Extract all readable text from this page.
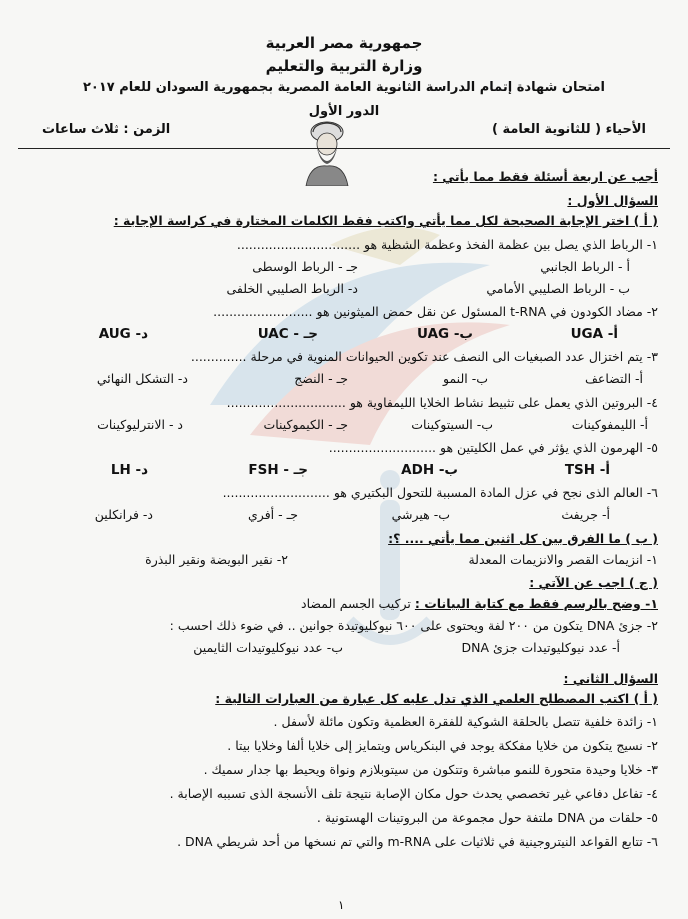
جمهورية مصر العربية
وزارة التربية والتعليم
امتحان شهادة إتمام الدراسة الثانوية العامة المصرية بجمهورية السودان للعام ٢٠١٧
الدور الأول
الأحياء ( للثانوية العامة )
الزمن : ثلاث ساعات
أجب عن اربعة أسئلة فقط مما يأتي :
السؤال الأول :
( أ ) اختر الإجابة الصحيحة لكل مما يأتي واكتب فقط الكلمات المختارة في كراسة الإجابة :
١- الرباط الذي يصل بين عظمة الفخذ وعظمة الشظية هو ...............................
أ - الرباط الجانبي
جـ - الرباط الوسطى
ب - الرباط الصليبي الأمامي
د- الرباط الصليبي الخلفى
٢- مضاد الكودون في t-RNA المسئول عن نقل حمض الميثونين هو .........................
أ- UGA
ب- UAG
جـ - UAC
د- AUG
٣- يتم اختزال عدد الصبغيات الى النصف عند تكوين الحيوانات المنوية في مرحلة ..............
أ- التضاعف
ب- النمو
جـ - النضج
د- التشكل النهائي
٤- البروتين الذي يعمل على تثبيط نشاط الخلايا الليمفاوية هو ..............................
أ- الليمفوكينات
ب- السيتوكينات
جـ - الكيموكينات
د - الانترليوكينات
٥- الهرمون الذي يؤثر في عمل الكليتين هو ...........................
أ- TSH
ب- ADH
جـ - FSH
د- LH
٦- العالم الذى نجح في عزل المادة المسببة للتحول البكتيري هو ...........................
أ- جريفث
ب- هيرشي
جـ - أفري
د- فرانكلين
( ب ) ما الفرق بين كل اثنين مما يأتي .... ؟:
١- انزيمات القصر والانزيمات المعدلة
٢- نقير البويضة ونقير البذرة
( ج ) اجب عن الآتي :
١- وضح بالرسم فقط مع كتابة البيانات : تركيب الجسم المضاد
٢- جزئ DNA يتكون من ٢٠٠ لفة ويحتوى على ٦٠٠ نيوكليوتيدة جوانين .. في ضوء ذلك احسب :
أ- عدد نيوكليوتيدات جزئ DNA
ب- عدد نيوكليوتيدات الثايمين
السؤال الثاني :
( أ ) اكتب المصطلح العلمي الذي تدل عليه كل عبارة من العبارات التالية :
١- زائدة خلفية تتصل بالحلقة الشوكية للفقرة العظمية وتكون مائلة لأسفل .
٢- نسيج يتكون من خلايا مفككة يوجد في البنكرياس ويتمايز إلى خلايا ألفا وخلايا بيتا .
٣- خلايا وحيدة متحورة للنمو مباشرة وتتكون من سيتوبلازم ونواة ويحيط بها جدار سميك .
٤- تفاعل دفاعي غير تخصصي يحدث حول مكان الإصابة نتيجة تلف الأنسجة الذى تسببه الإصابة .
٥- حلقات من DNA ملتفة حول مجموعة من البروتينات الهستونية .
٦- تتابع القواعد النيتروجينية في ثلاثيات على m-RNA والتي تم نسخها من أحد شريطي DNA .
١
